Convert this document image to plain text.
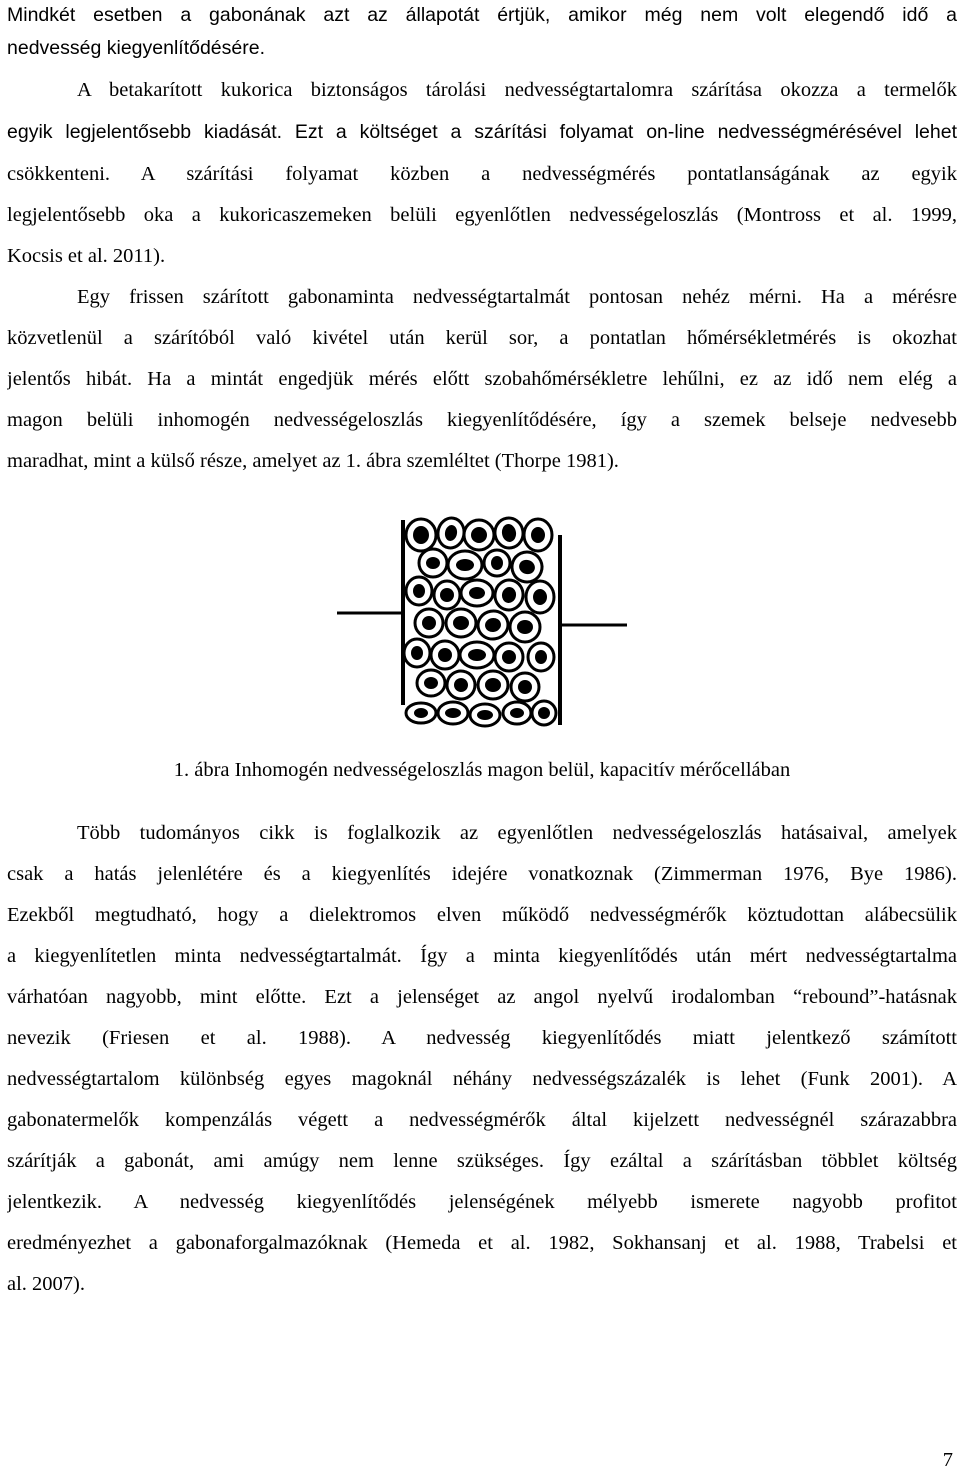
Mindkét esetben a gabonának azt az állapotát értjük, amikor még nem volt elegendő idő a
nedvesség kiegyenlítődésére.
A betakarított kukorica biztonságos tárolási nedvességtartalomra szárítása okozza a termelők
egyik legjelentősebb kiadását. Ezt a költséget a szárítási folyamat on-line nedvességmérésével lehet
csökkenteni. A szárítási folyamat közben a nedvességmérés pontatlanságának az egyik
legjelentősebb oka a kukoricaszemeken belüli egyenlőtlen nedvességeloszlás (Montross et al. 1999,
Kocsis et al. 2011).
Egy frissen szárított gabonaminta nedvességtartalmát pontosan nehéz mérni. Ha a mérésre
közvetlenül a szárítóból való kivétel után kerül sor, a pontatlan hőmérsékletmérés is okozhat
jelentős hibát. Ha a mintát engedjük mérés előtt szobahőmérsékletre lehűlni, ez az idő nem elég a
magon belüli inhomogén nedvességeloszlás kiegyenlítődésére, így a szemek belseje nedvesebb
maradhat, mint a külső része, amelyet az 1. ábra szemléltet (Thorpe 1981).
1. ábra Inhomogén nedvességeloszlás magon belül, kapacitív mérőcellában
Több tudományos cikk is foglalkozik az egyenlőtlen nedvességeloszlás hatásaival, amelyek
csak a hatás jelenlétére és a kiegyenlítés idejére vonatkoznak (Zimmerman 1976, Bye 1986).
Ezekből megtudható, hogy a dielektromos elven működő nedvességmérők köztudottan alábecsülik
a kiegyenlítetlen minta nedvességtartalmát. Így a minta kiegyenlítődés után mért nedvességtartalma
várhatóan nagyobb, mint előtte. Ezt a jelenséget az angol nyelvű irodalomban “rebound”-hatásnak
nevezik (Friesen et al. 1988). A nedvesség kiegyenlítődés miatt jelentkező számított
nedvességtartalom különbség egyes magoknál néhány nedvességszázalék is lehet (Funk 2001). A
gabonatermelők kompenzálás végett a nedvességmérők által kijelzett nedvességnél szárazabbra
szárítják a gabonát, ami amúgy nem lenne szükséges. Így ezáltal a szárításban többlet költség
jelentkezik. A nedvesség kiegyenlítődés jelenségének mélyebb ismerete nagyobb profitot
eredményezhet a gabonaforgalmazóknak (Hemeda et al. 1982, Sokhansanj et al. 1988, Trabelsi et
al. 2007).
7
